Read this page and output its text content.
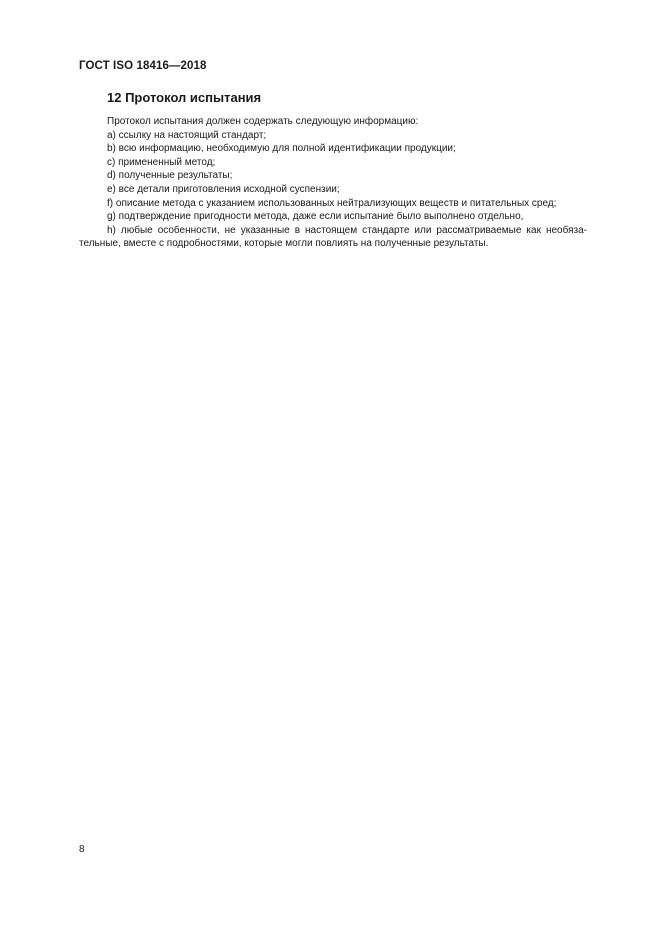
ГОСТ ISO 18416—2018
12 Протокол испытания

Протокол испытания должен содержать следующую информацию:

a) ссылку на настоящий стандарт;

b) всю информацию, необходимую для полной идентификации продукции;

c) примененный метод;

d) полученные результаты;

e) все детали приготовления исходной суспензии;

f) описание метода с указанием использованных нейтрализующих веществ и питательных сред;

g) подтверждение пригодности метода, даже если испытание было выполнено отдельно,

h) любые особенности, не указанные в настоящем стандарте или рассматриваемые как необяза-тельные, вместе с подробностями, которые могли повлиять на полученные результаты.

8
